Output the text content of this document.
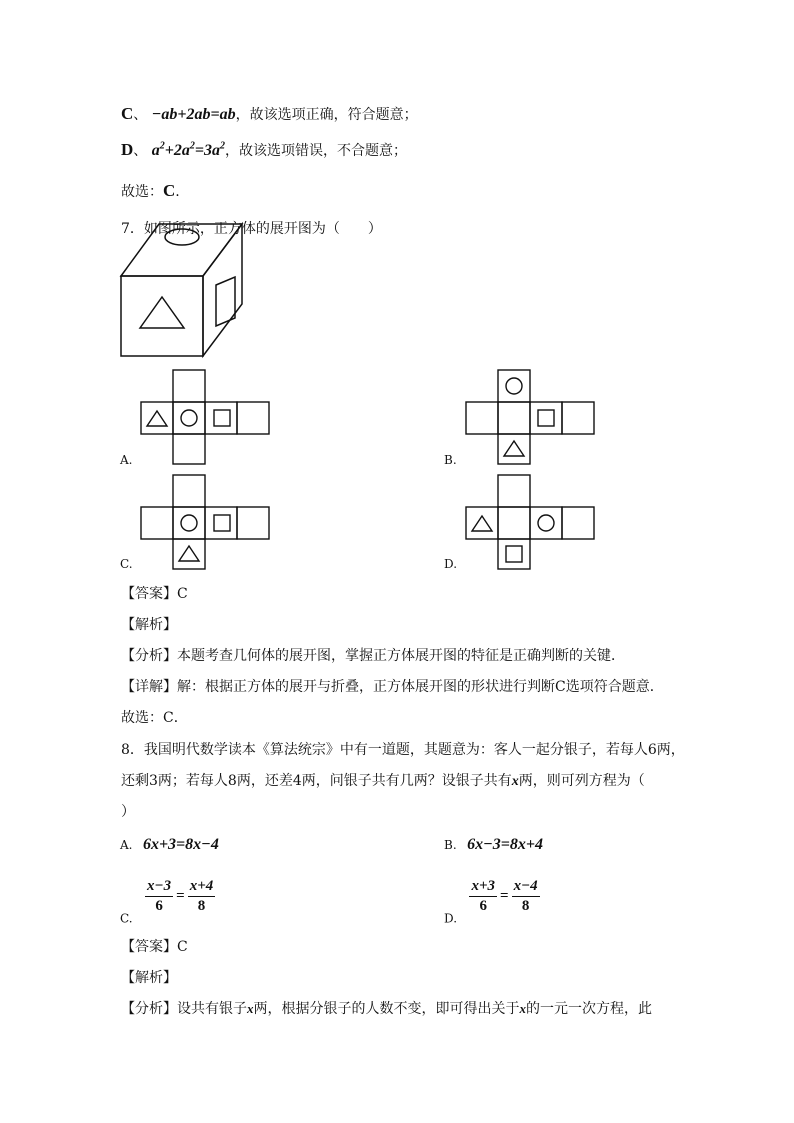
C、 −ab+2ab=ab，故该选项正确，符合题意；
D、 $a^2+2a^2=3a^2$，故该选项错误，不合题意；
故选：C.
7．如图所示，正方体的展开图为（　　）
A.	B.
C.	D.
【答案】C
【解析】
【分析】本题考查几何体的展开图，掌握正方体展开图的特征是正确判断的关键．
【详解】解：根据正方体的展开与折叠，正方体展开图的形状进行判断C选项符合题意．
故选：C．
8．我国明代数学读本《算法统宗》中有一道题，其题意为：客人一起分银子，若每人6两，
还剩3两；若每人8两，还差4两，问银子共有几两？设银子共有x两，则可列方程为（
）
A. 6x+3=8x−4	B. 6x−3=8x+4
C.
$\frac{x-3}{6} = \frac{x+4}{8}$
D.
$\frac{x+3}{6} = \frac{x-4}{8}$
【答案】C
【解析】
【分析】设共有银子x两，根据分银子的人数不变，即可得出关于x的一元一次方程，此
